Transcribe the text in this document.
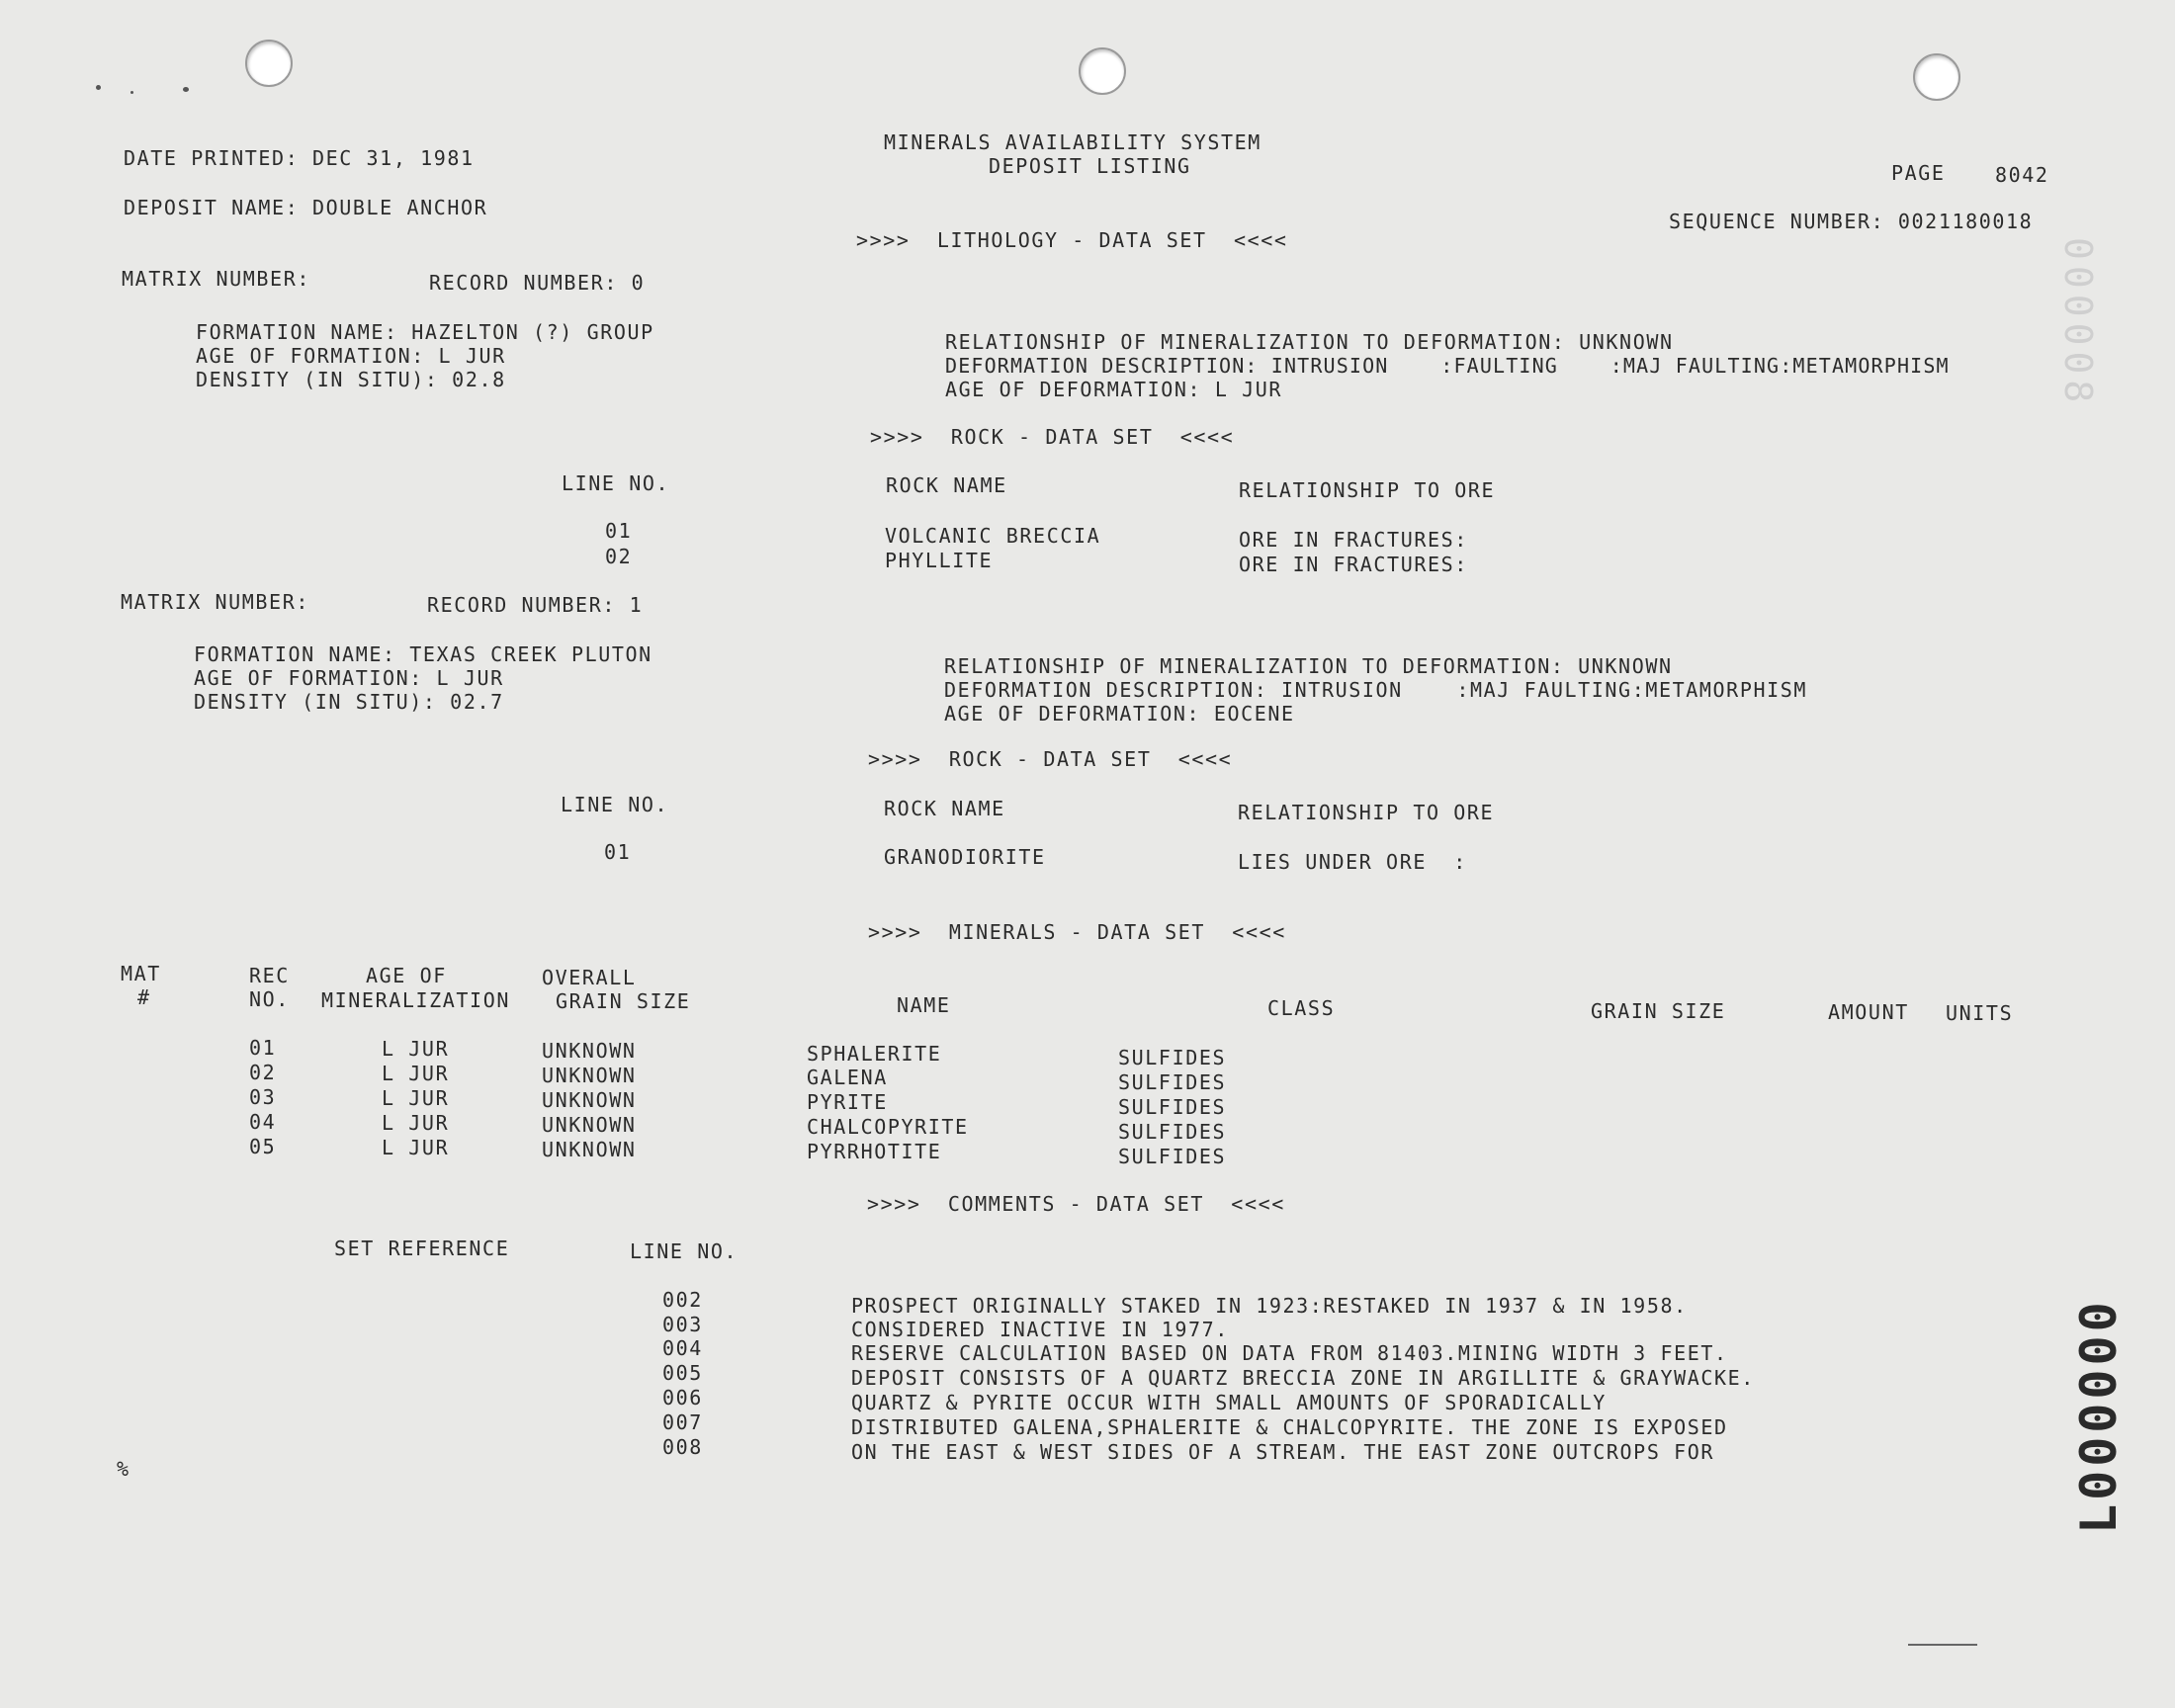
DATE PRINTED: DEC 31, 1981
DEPOSIT NAME: DOUBLE ANCHOR
MINERALS AVAILABILITY SYSTEM
DEPOSIT LISTING	PAGE	8042
SEQUENCE NUMBER: 0021180018
>>>>  LITHOLOGY - DATA SET  <<<<
MATRIX NUMBER:	RECORD NUMBER: 0
FORMATION NAME: HAZELTON (?) GROUP
AGE OF FORMATION: L JUR
DENSITY (IN SITU): 02.8
RELATIONSHIP OF MINERALIZATION TO DEFORMATION: UNKNOWN
DEFORMATION DESCRIPTION: INTRUSION    :FAULTING    :MAJ FAULTING:METAMORPHISM
AGE OF DEFORMATION: L JUR
>>>>  ROCK - DATA SET  <<<<
LINE NO.	ROCK NAME	RELATIONSHIP TO ORE
01	VOLCANIC BRECCIA	ORE IN FRACTURES:
02	PHYLLITE	ORE IN FRACTURES:
MATRIX NUMBER:	RECORD NUMBER: 1
FORMATION NAME: TEXAS CREEK PLUTON
AGE OF FORMATION: L JUR
DENSITY (IN SITU): 02.7
RELATIONSHIP OF MINERALIZATION TO DEFORMATION: UNKNOWN
DEFORMATION DESCRIPTION: INTRUSION    :MAJ FAULTING:METAMORPHISM
AGE OF DEFORMATION: EOCENE
>>>>  ROCK - DATA SET  <<<<
LINE NO.	ROCK NAME	RELATIONSHIP TO ORE
01	GRANODIORITE	LIES UNDER ORE  :
>>>>  MINERALS - DATA SET  <<<<
MAT
#
REC
NO.
AGE OF
MINERALIZATION
OVERALL
GRAIN SIZE	NAME	CLASS	GRAIN SIZE	AMOUNT UNITS
01	L JUR	UNKNOWN	SPHALERITE	SULFIDES
02	L JUR	UNKNOWN	GALENA	SULFIDES
03	L JUR	UNKNOWN	PYRITE	SULFIDES
04	L JUR	UNKNOWN	CHALCOPYRITE	SULFIDES
05	L JUR	UNKNOWN	PYRRHOTITE	SULFIDES
>>>>  COMMENTS - DATA SET  <<<<
SET REFERENCE	LINE NO.
002	PROSPECT ORIGINALLY STAKED IN 1923:RESTAKED IN 1937 & IN 1958.
003	CONSIDERED INACTIVE IN 1977.
004	RESERVE CALCULATION BASED ON DATA FROM 81403.MINING WIDTH 3 FEET.
005	DEPOSIT CONSISTS OF A QUARTZ BRECCIA ZONE IN ARGILLITE & GRAYWACKE.
006	QUARTZ & PYRITE OCCUR WITH SMALL AMOUNTS OF SPORADICALLY
007	DISTRIBUTED GALENA,SPHALERITE & CHALCOPYRITE. THE ZONE IS EXPOSED
008	ON THE EAST & WEST SIDES OF A STREAM. THE EAST ZONE OUTCROPS FOR
%	L000000
000008
